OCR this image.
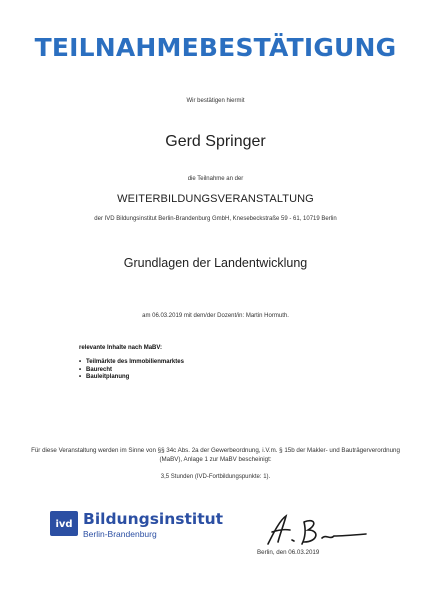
TEILNAHMEBESTÄTIGUNG
Wir bestätigen hiermit
Gerd Springer
die Teilnahme an der
WEITERBILDUNGSVERANSTALTUNG
der IVD Bildungsinstitut Berlin-Brandenburg GmbH, Knesebeckstraße 59 - 61, 10719 Berlin
Grundlagen der Landentwicklung
am 06.03.2019 mit dem/der Dozent/in: Martin Hormuth.
relevante Inhalte nach MaBV:
• Teilmärkte des Immobilienmarktes
• Baurecht
• Bauleitplanung
Für diese Veranstaltung werden im Sinne von §§ 34c Abs. 2a der Gewerbeordnung, i.V.m. § 15b der Makler- und Bauträgerverordnung (MaBV), Anlage 1 zur MaBV bescheinigt:
3,5 Stunden (IVD-Fortbildungspunkte: 1).
ivd Bildungsinstitut
Berlin-Brandenburg
Berlin, den 06.03.2019
